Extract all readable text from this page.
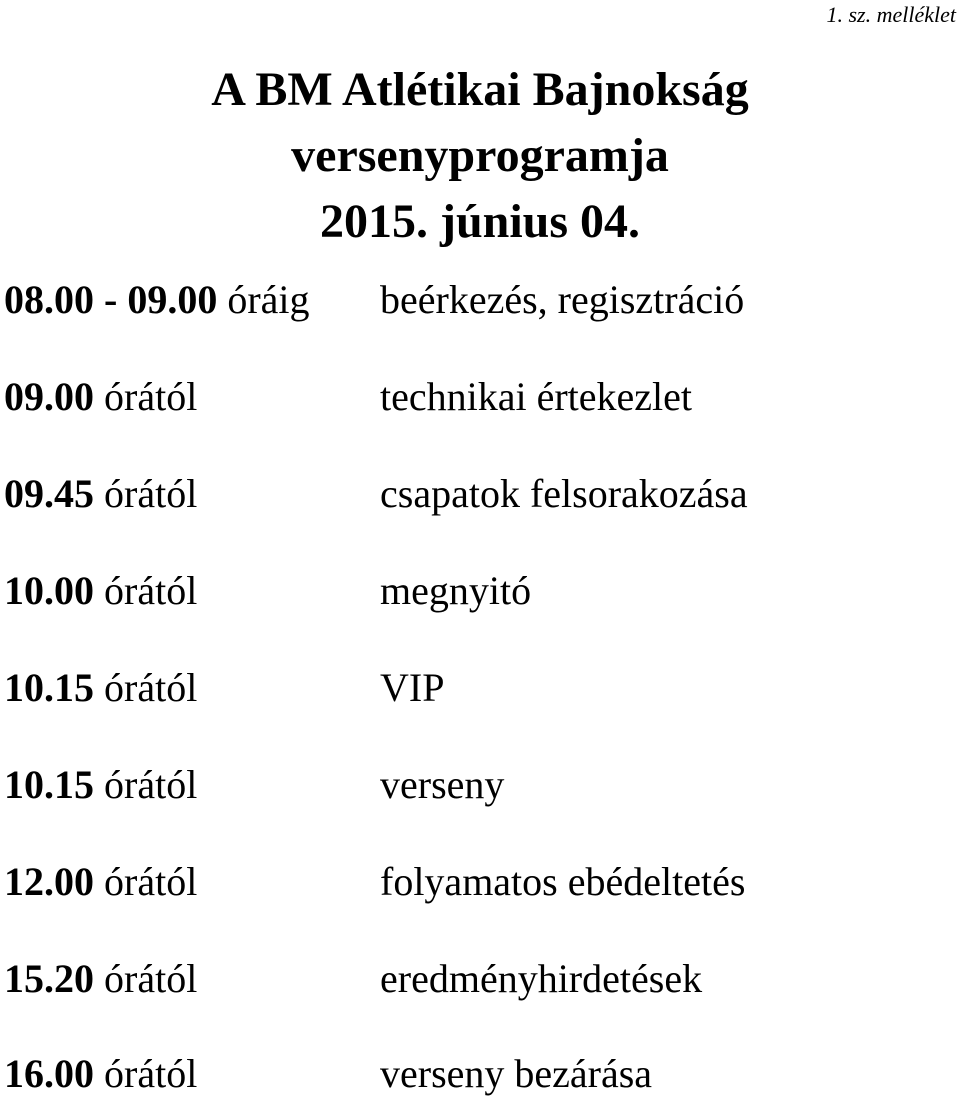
1. sz. melléklet
A BM Atlétikai Bajnokság
versenyprogramja
2015. június 04.
08.00 - 09.00 óráig beérkezés, regisztráció
09.00 órától	technikai értekezlet
09.45 órától	csapatok felsorakozása
10.00 órától	megnyitó
10.15 órától	VIP
10.15 órától	verseny
12.00 órától	folyamatos ebédeltetés
15.20 órától	eredményhirdetések
16.00 órától	verseny bezárása
